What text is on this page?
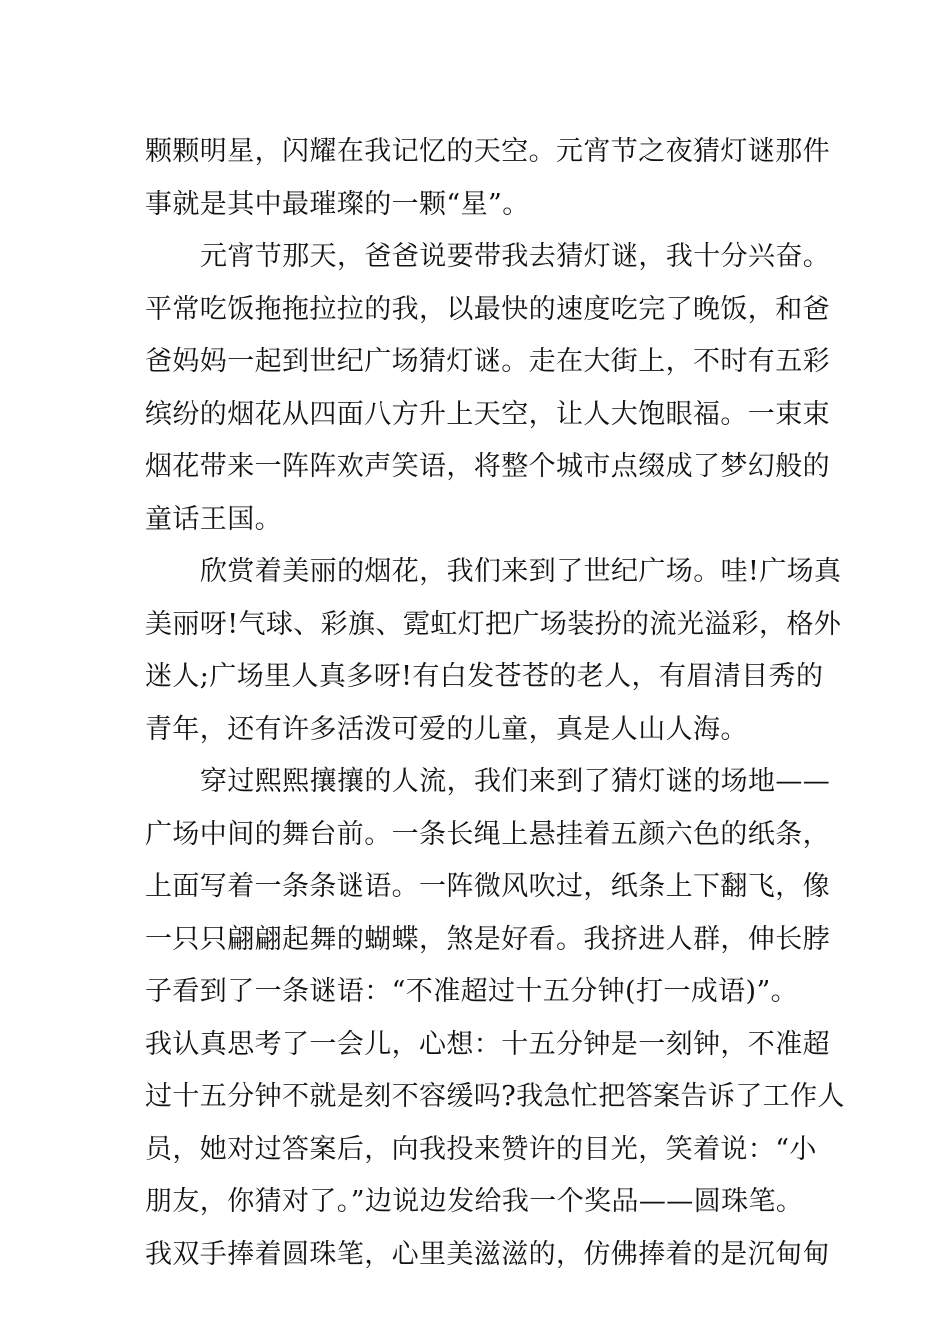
颗颗明星，闪耀在我记忆的天空。元宵节之夜猜灯谜那件
事就是其中最璀璨的一颗“星”。
元宵节那天，爸爸说要带我去猜灯谜，我十分兴奋。
平常吃饭拖拖拉拉的我，以最快的速度吃完了晚饭，和爸
爸妈妈一起到世纪广场猜灯谜。走在大街上，不时有五彩
缤纷的烟花从四面八方升上天空，让人大饱眼福。一束束
烟花带来一阵阵欢声笑语，将整个城市点缀成了梦幻般的
童话王国。
欣赏着美丽的烟花，我们来到了世纪广场。哇!广场真
美丽呀!气球、彩旗、霓虹灯把广场装扮的流光溢彩，格外
迷人;广场里人真多呀!有白发苍苍的老人，有眉清目秀的
青年，还有许多活泼可爱的儿童，真是人山人海。
穿过熙熙攘攘的人流，我们来到了猜灯谜的场地——
广场中间的舞台前。一条长绳上悬挂着五颜六色的纸条，
上面写着一条条谜语。一阵微风吹过，纸条上下翻飞，像
一只只翩翩起舞的蝴蝶，煞是好看。我挤进人群，伸长脖
子看到了一条谜语：“不准超过十五分钟(打一成语)”。
我认真思考了一会儿，心想：十五分钟是一刻钟，不准超
过十五分钟不就是刻不容缓吗?我急忙把答案告诉了工作人
员，她对过答案后，向我投来赞许的目光，笑着说：“小
朋友，你猜对了。”边说边发给我一个奖品——圆珠笔。
我双手捧着圆珠笔，心里美滋滋的，仿佛捧着的是沉甸甸
